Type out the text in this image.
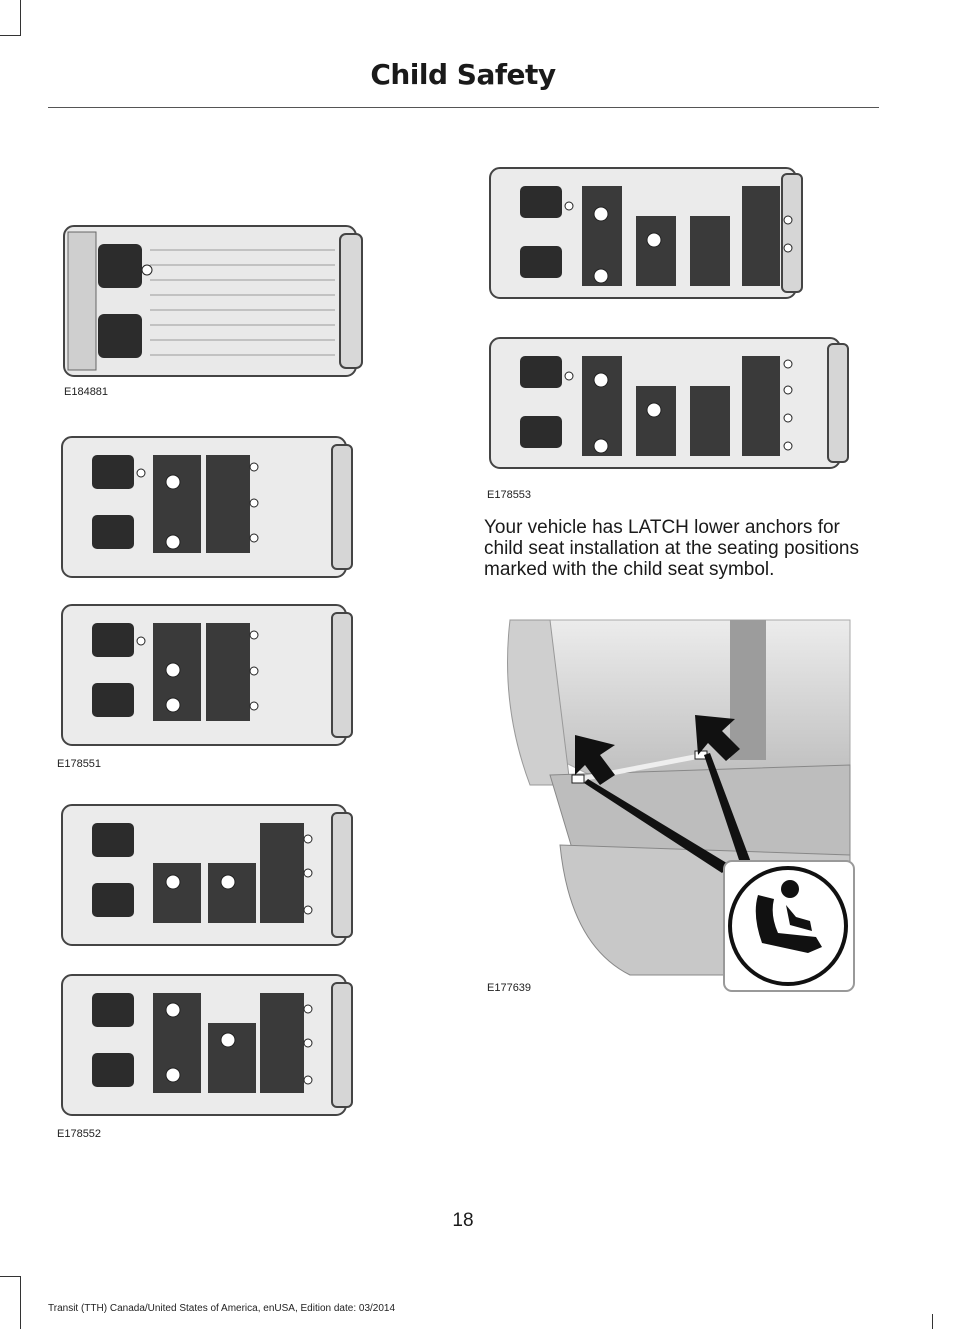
Child Safety
E184881
E178551
E178552
E178553
Your vehicle has LATCH lower anchors for child seat installation at the seating positions marked with the child seat symbol.
E177639
18
Transit (TTH) Canada/United States of America, enUSA, Edition date: 03/2014
